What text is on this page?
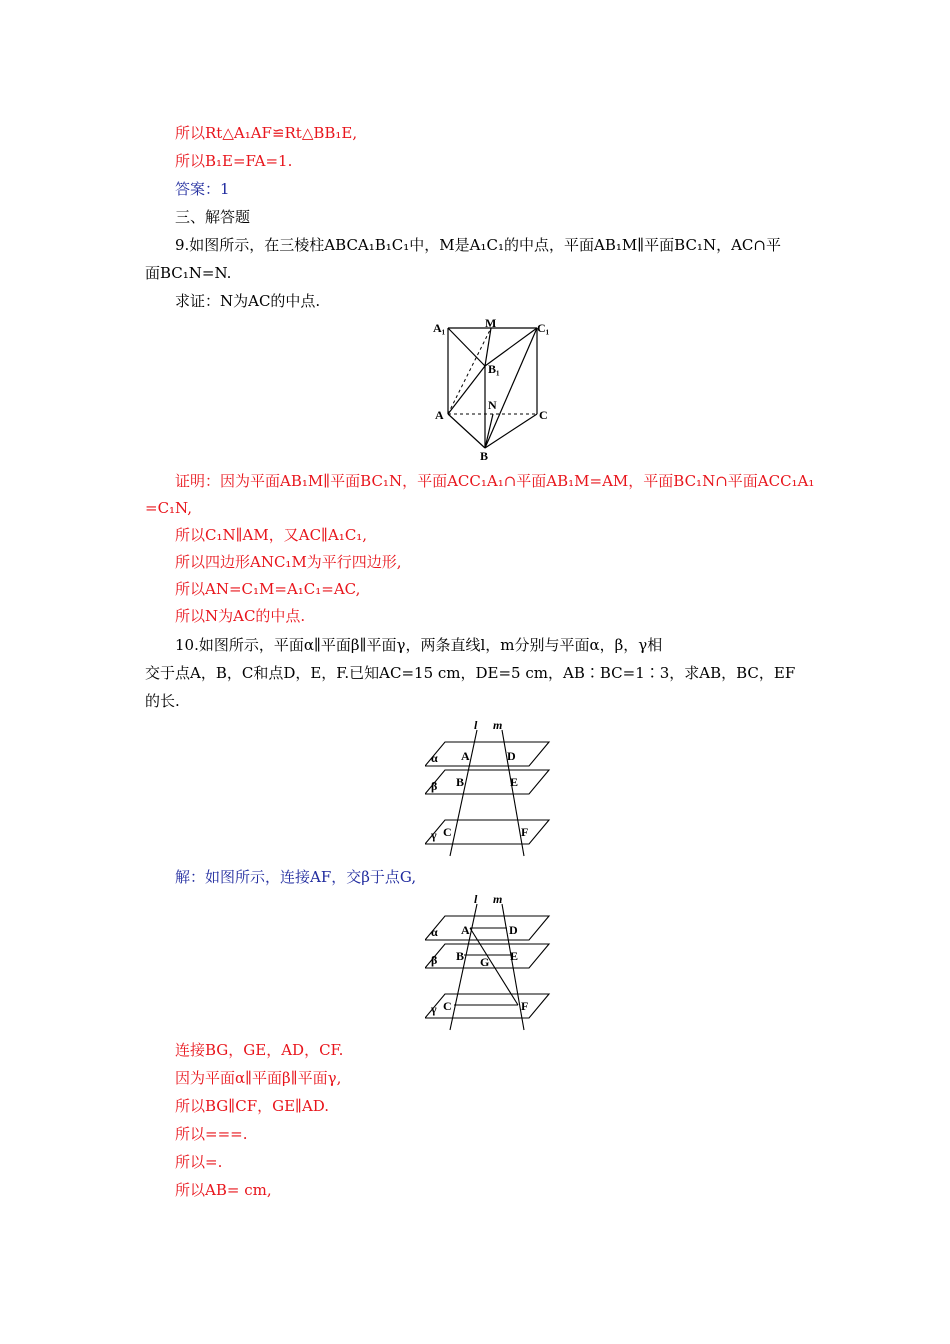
所以Rt△A₁AF≌Rt△BB₁E,
所以B₁E=FA=1.
答案：1
三、解答题
9.如图所示，在三棱柱ABCA₁B₁C₁中，M是A₁C₁的中点，平面AB₁M∥平面BC₁N，AC∩平
面BC₁N=N.
求证：N为AC的中点.
A₁	M	C₁
B₁
N
A	C
B
证明：因为平面AB₁M∥平面BC₁N，平面ACC₁A₁∩平面AB₁M=AM，平面BC₁N∩平面ACC₁A₁
=C₁N,
所以C₁N∥AM，又AC∥A₁C₁,
所以四边形ANC₁M为平行四边形,
所以AN=C₁M=A₁C₁=AC,
所以N为AC的中点.
10.如图所示，平面α∥平面β∥平面γ，两条直线l，m分别与平面α，β，γ相
交于点A，B，C和点D，E，F.已知AC=15 cm，DE=5 cm，AB∶BC=1∶3，求AB，BC，EF
的长.
l m
α
β
γ
A	D
B	E
C	F
解：如图所示，连接AF，交β于点G,
l m
α
β
γ
A	D
B G E
C	F
连接BG，GE，AD，CF.
因为平面α∥平面β∥平面γ,
所以BG∥CF，GE∥AD.
所以===.
所以=.
所以AB= cm,
